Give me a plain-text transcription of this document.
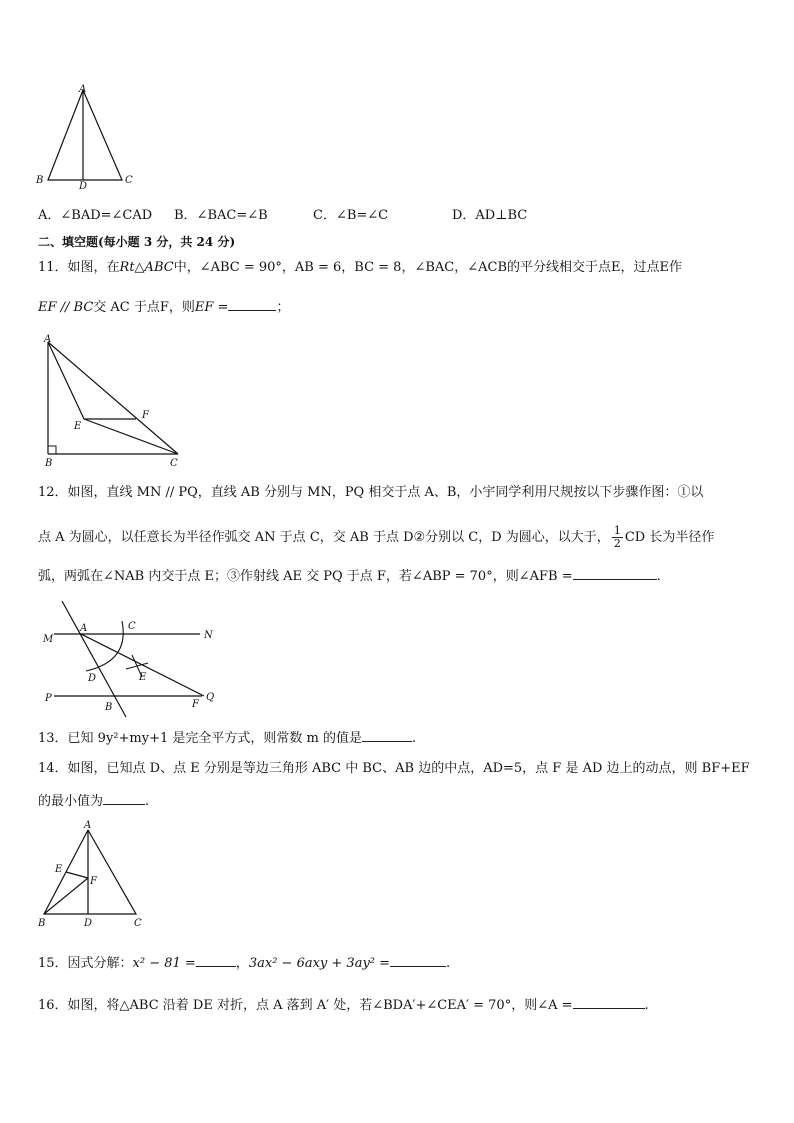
A
B
D
C
A．∠BAD=∠CAD B．∠BAC=∠B	C．∠B=∠C	D．AD⊥BC
二、填空题(每小题 3 分，共 24 分)
11．如图，在Rt△ABC中，∠ABC = 90°，AB = 6，BC = 8，∠BAC，∠ACB的平分线相交于点E，过点E作
EF // BC交 AC 于点F，则EF =	；
A
B	C
E
F
12．如图，直线 MN // PQ，直线 AB 分别与 MN，PQ 相交于点 A、B，小宇同学利用尺规按以下步骤作图：①以
点 A 为圆心，以任意长为半径作弧交 AN 于点 C，交 AB 于点 D②分别以 C，D 为圆心，以大于， $\frac{1}{2}$ CD 长为半径作
弧，两弧在∠NAB 内交于点 E；③作射线 AE 交 PQ 于点 F，若∠ABP = 70°，则∠AFB =	.
M
A	C
N
D	E
P
B	F
Q
13．已知 9y²+my+1 是完全平方式，则常数 m 的值是	.
14．如图，已知点 D、点 E 分别是等边三角形 ABC 中 BC、AB 边的中点，AD=5，点 F 是 AD 边上的动点，则 BF+EF
的最小值为	.
A
E
F
B	D	C
15．因式分解：x² − 81 =	，3ax² − 6axy + 3ay² =	.
16．如图，将△ABC 沿着 DE 对折，点 A 落到 A′ 处，若∠BDA′+∠CEA′ = 70°，则∠A =	.
